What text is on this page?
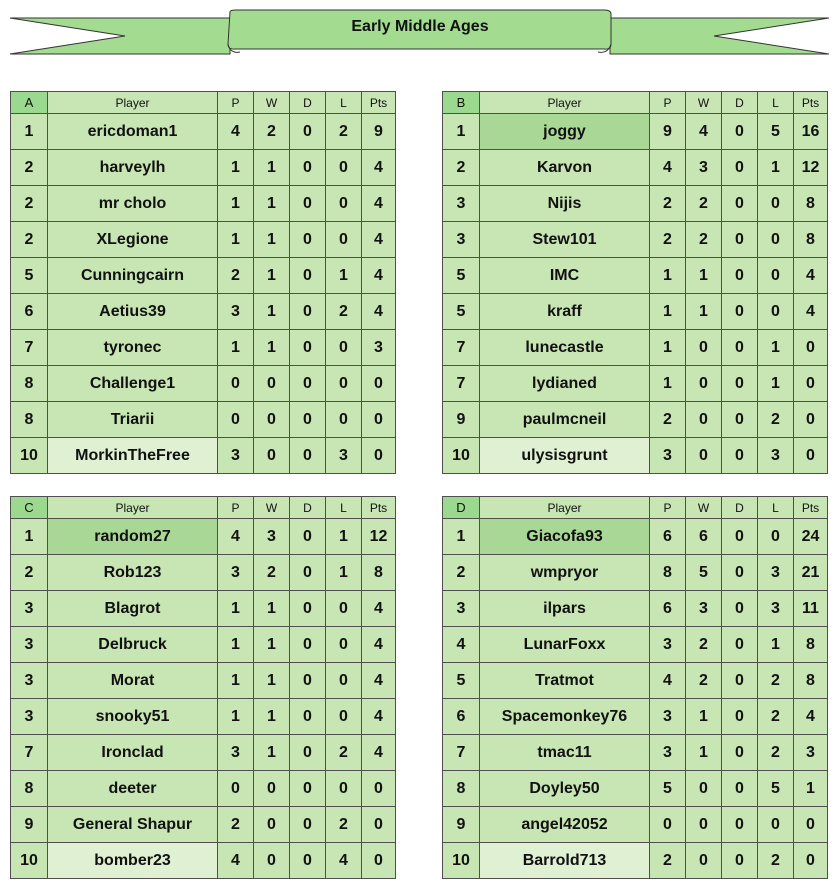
Early Middle Ages
A	Player	P	W	D	L	Pts
1	ericdoman1	4	2	0	2	9
2	harveylh	1	1	0	0	4
2	mr cholo	1	1	0	0	4
2	XLegione	1	1	0	0	4
5	Cunningcairn	2	1	0	1	4
6	Aetius39	3	1	0	2	4
7	tyronec	1	1	0	0	3
8	Challenge1	0	0	0	0	0
8	Triarii	0	0	0	0	0
10	MorkinTheFree	3	0	0	3	0
B	Player	P	W	D	L	Pts
1	joggy	9	4	0	5	16
2	Karvon	4	3	0	1	12
3	Nijis	2	2	0	0	8
3	Stew101	2	2	0	0	8
5	IMC	1	1	0	0	4
5	kraff	1	1	0	0	4
7	lunecastle	1	0	0	1	0
7	lydianed	1	0	0	1	0
9	paulmcneil	2	0	0	2	0
10	ulysisgrunt	3	0	0	3	0
C	Player	P	W	D	L	Pts
1	random27	4	3	0	1	12
2	Rob123	3	2	0	1	8
3	Blagrot	1	1	0	0	4
3	Delbruck	1	1	0	0	4
3	Morat	1	1	0	0	4
3	snooky51	1	1	0	0	4
7	Ironclad	3	1	0	2	4
8	deeter	0	0	0	0	0
9	General Shapur	2	0	0	2	0
10	bomber23	4	0	0	4	0
D	Player	P	W	D	L	Pts
1	Giacofa93	6	6	0	0	24
2	wmpryor	8	5	0	3	21
3	ilpars	6	3	0	3	11
4	LunarFoxx	3	2	0	1	8
5	Tratmot	4	2	0	2	8
6	Spacemonkey76	3	1	0	2	4
7	tmac11	3	1	0	2	3
8	Doyley50	5	0	0	5	1
9	angel42052	0	0	0	0	0
10	Barrold713	2	0	0	2	0
